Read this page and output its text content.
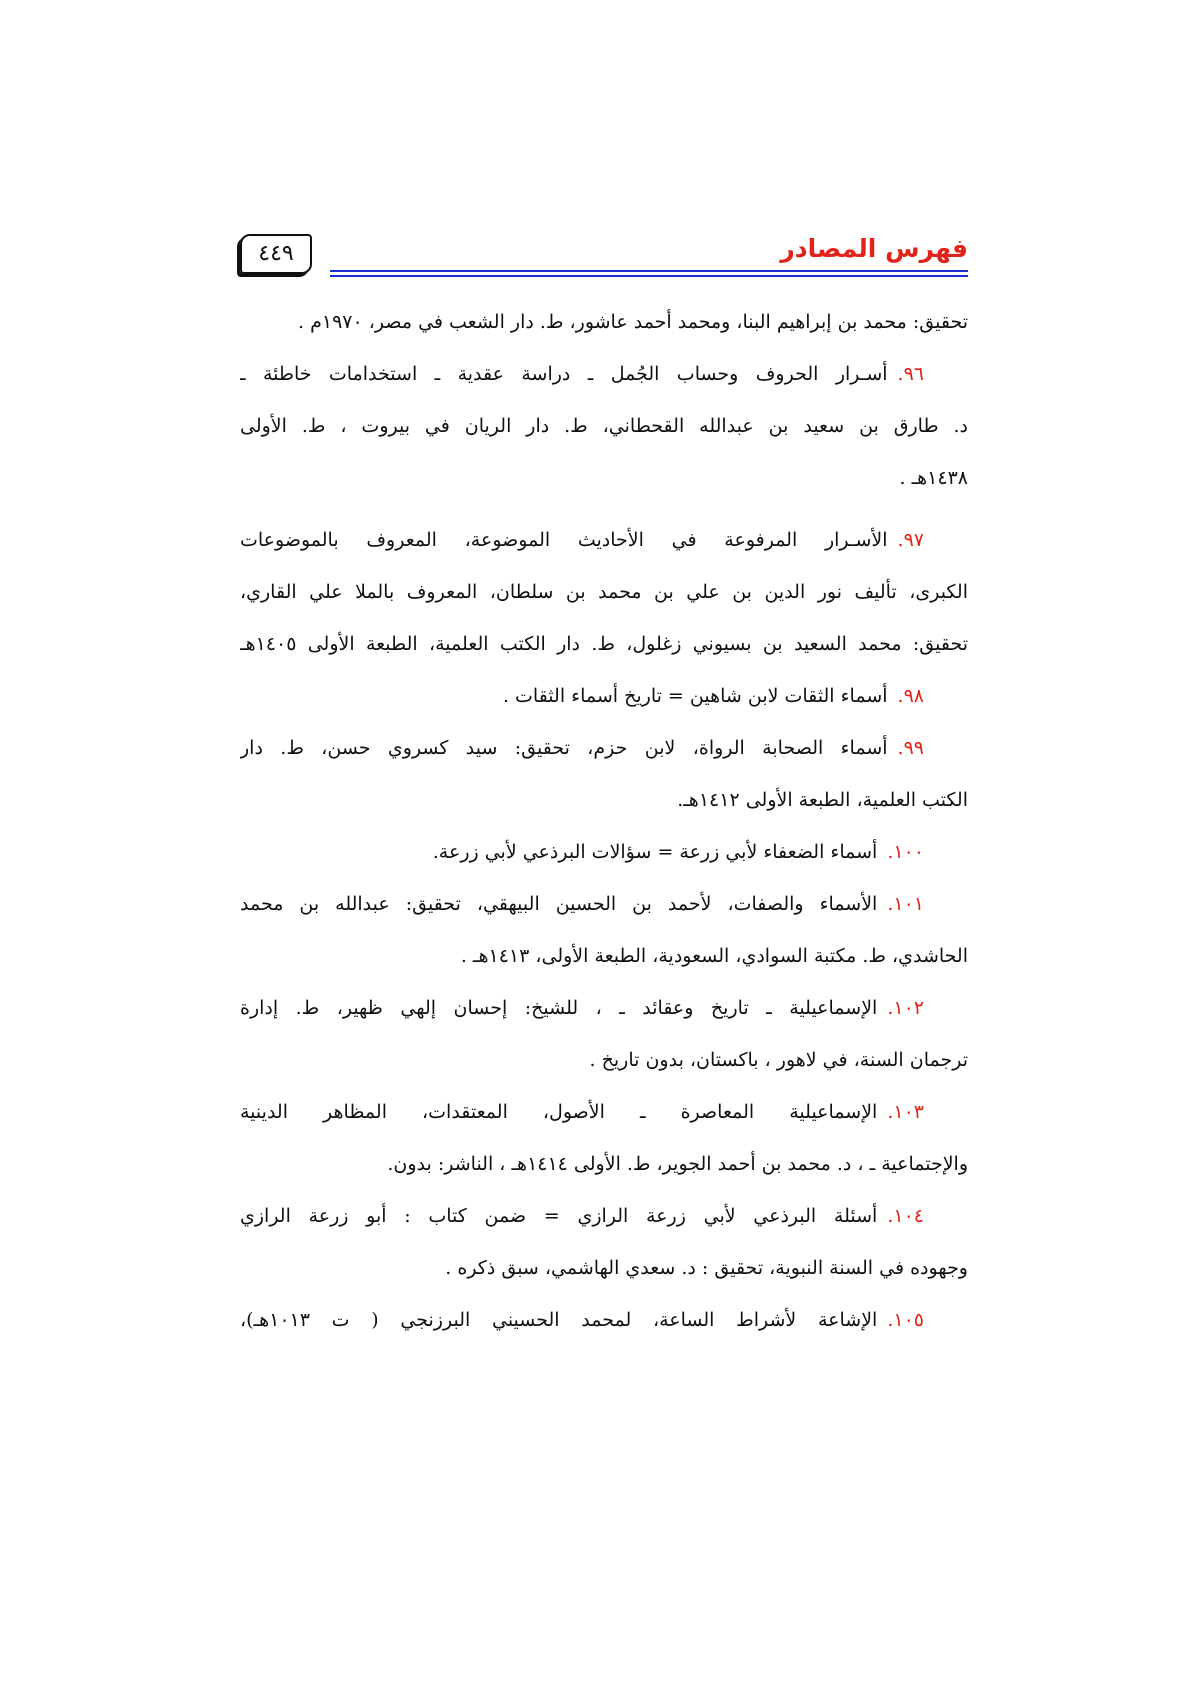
فهرس المصادر
٤٤٩
تحقيق: محمد بن إبراهيم البنا، ومحمد أحمد عاشور، ط. دار الشعب في مصر، ١٩٧٠م .
٩٦.أسـرار الحروف وحساب الجُمل ـ دراسة عقدية ـ استخدامات خاطئة ـ
د. طارق بن سعيد بن عبدالله القحطاني، ط. دار الريان في بيروت ، ط. الأولى
١٤٣٨هـ .
٩٧.الأسـرار المرفوعة في الأحاديث الموضوعة، المعروف بالموضوعات
الكبرى، تأليف نور الدين بن علي بن محمد بن سلطان، المعروف بالملا علي القاري،
تحقيق: محمد السعيد بن بسيوني زغلول، ط. دار الكتب العلمية، الطبعة الأولى ١٤٠٥هـ
٩٨.أسماء الثقات لابن شاهين = تاريخ أسماء الثقات .
٩٩.أسماء الصحابة الرواة، لابن حزم، تحقيق: سيد كسروي حسن، ط. دار
الكتب العلمية، الطبعة الأولى ١٤١٢هـ.
١٠٠.أسماء الضعفاء لأبي زرعة = سؤالات البرذعي لأبي زرعة.
١٠١.الأسماء والصفات، لأحمد بن الحسين البيهقي، تحقيق: عبدالله بن محمد
الحاشدي، ط. مكتبة السوادي، السعودية، الطبعة الأولى، ١٤١٣هـ .
١٠٢.الإسماعيلية ـ تاريخ وعقائد ـ ، للشيخ: إحسان إلهي ظهير، ط. إدارة
ترجمان السنة، في لاهور ، باكستان، بدون تاريخ .
١٠٣.الإسماعيلية المعاصرة ـ الأصول، المعتقدات، المظاهر الدينية
والإجتماعية ـ ، د. محمد بن أحمد الجوير، ط. الأولى ١٤١٤هـ ، الناشر: بدون.
١٠٤.أسئلة البرذعي لأبي زرعة الرازي = ضمن كتاب : أبو زرعة الرازي
وجهوده في السنة النبوية، تحقيق : د. سعدي الهاشمي، سبق ذكره .
١٠٥.الإشاعة لأشراط الساعة، لمحمد الحسيني البرزنجي ( ت ١٠١٣هـ)،
